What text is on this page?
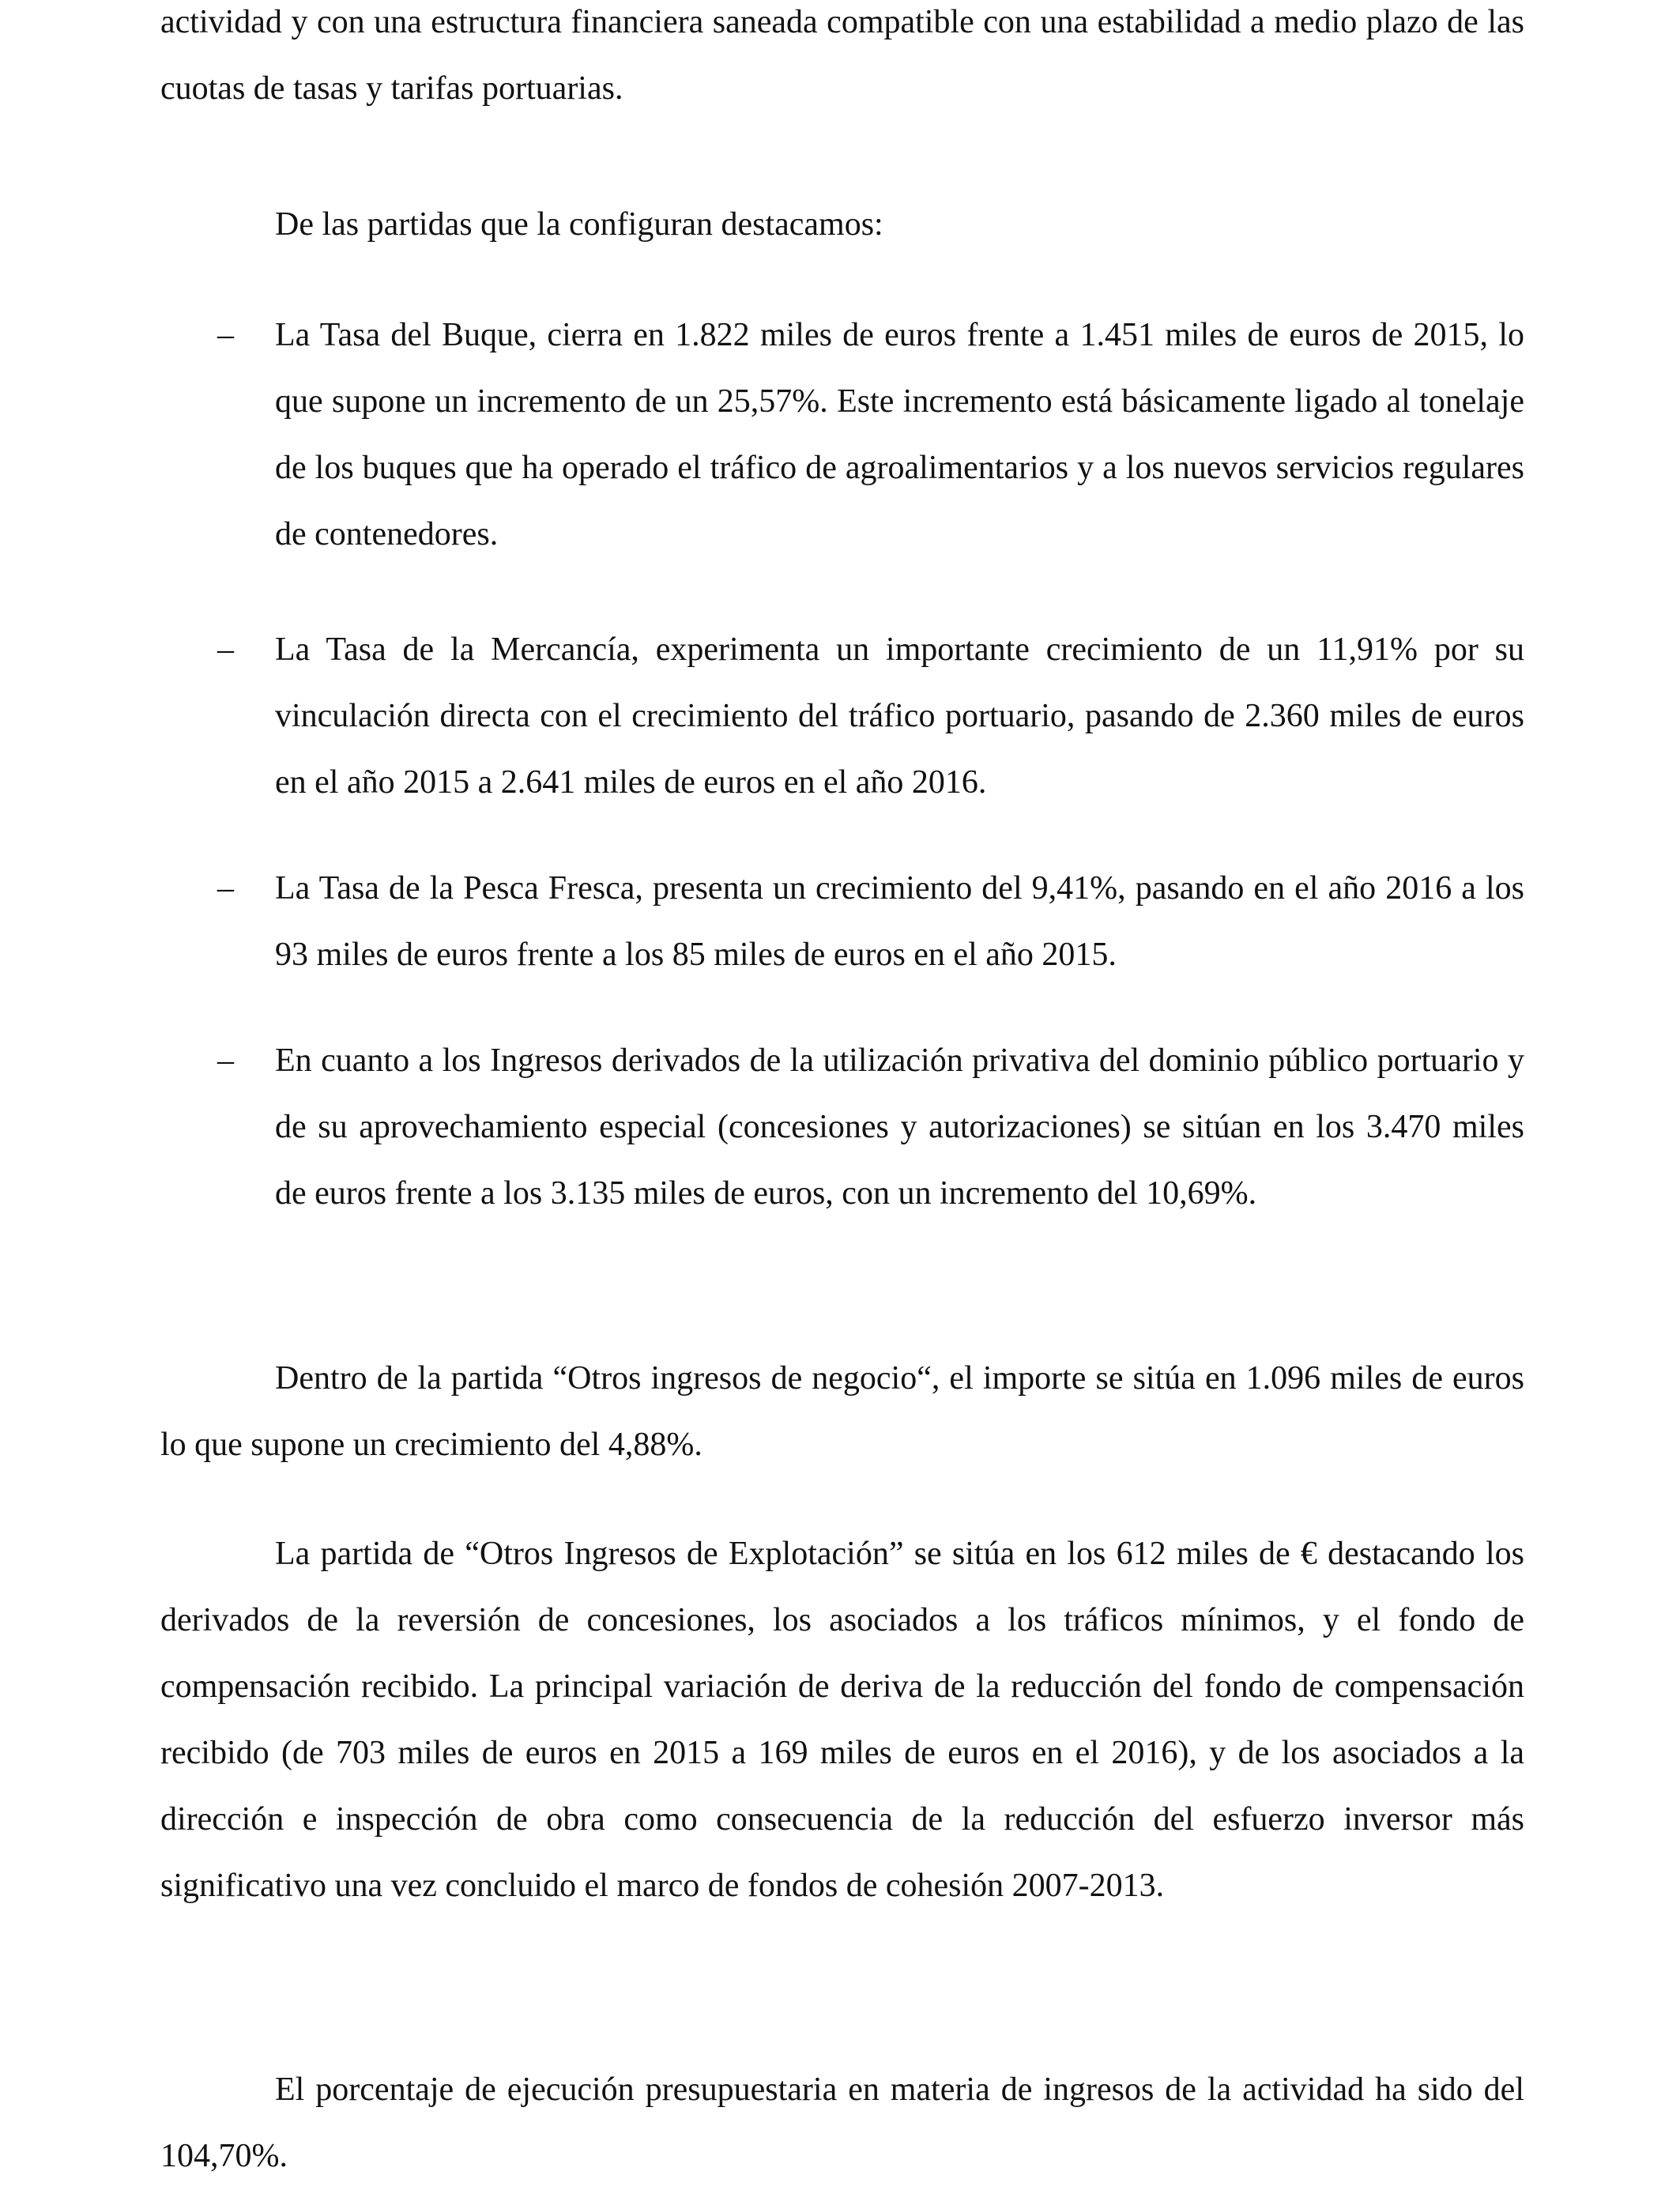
actividad y con una estructura financiera saneada compatible con una estabilidad a medio plazo de las cuotas de tasas y tarifas portuarias.

De las partidas que la configuran destacamos:

– La Tasa del Buque, cierra en 1.822 miles de euros frente a 1.451 miles de euros de 2015, lo que supone un incremento de un 25,57%. Este incremento está básicamente ligado al tonelaje de los buques que ha operado el tráfico de agroalimentarios y a los nuevos servicios regulares de contenedores.
– La Tasa de la Mercancía, experimenta un importante crecimiento de un 11,91% por su vinculación directa con el crecimiento del tráfico portuario, pasando de 2.360 miles de euros en el año 2015 a 2.641 miles de euros en el año 2016.
– La Tasa de la Pesca Fresca, presenta un crecimiento del 9,41%, pasando en el año 2016 a los 93 miles de euros frente a los 85 miles de euros en el año 2015.
– En cuanto a los Ingresos derivados de la utilización privativa del dominio público portuario y de su aprovechamiento especial (concesiones y autorizaciones) se sitúan en los 3.470 miles de euros frente a los 3.135 miles de euros, con un incremento del 10,69%.

Dentro de la partida “Otros ingresos de negocio“, el importe se sitúa en 1.096 miles de euros lo que supone un crecimiento del 4,88%.

La partida de “Otros Ingresos de Explotación” se sitúa en los 612 miles de € destacando los derivados de la reversión de concesiones, los asociados a los tráficos mínimos, y el fondo de compensación recibido. La principal variación de deriva de la reducción del fondo de compensación recibido (de 703 miles de euros en 2015 a 169 miles de euros en el 2016), y de los asociados a la dirección e inspección de obra como consecuencia de la reducción del esfuerzo inversor más significativo una vez concluido el marco de fondos de cohesión 2007-2013.

El porcentaje de ejecución presupuestaria en materia de ingresos de la actividad ha sido del 104,70%.
